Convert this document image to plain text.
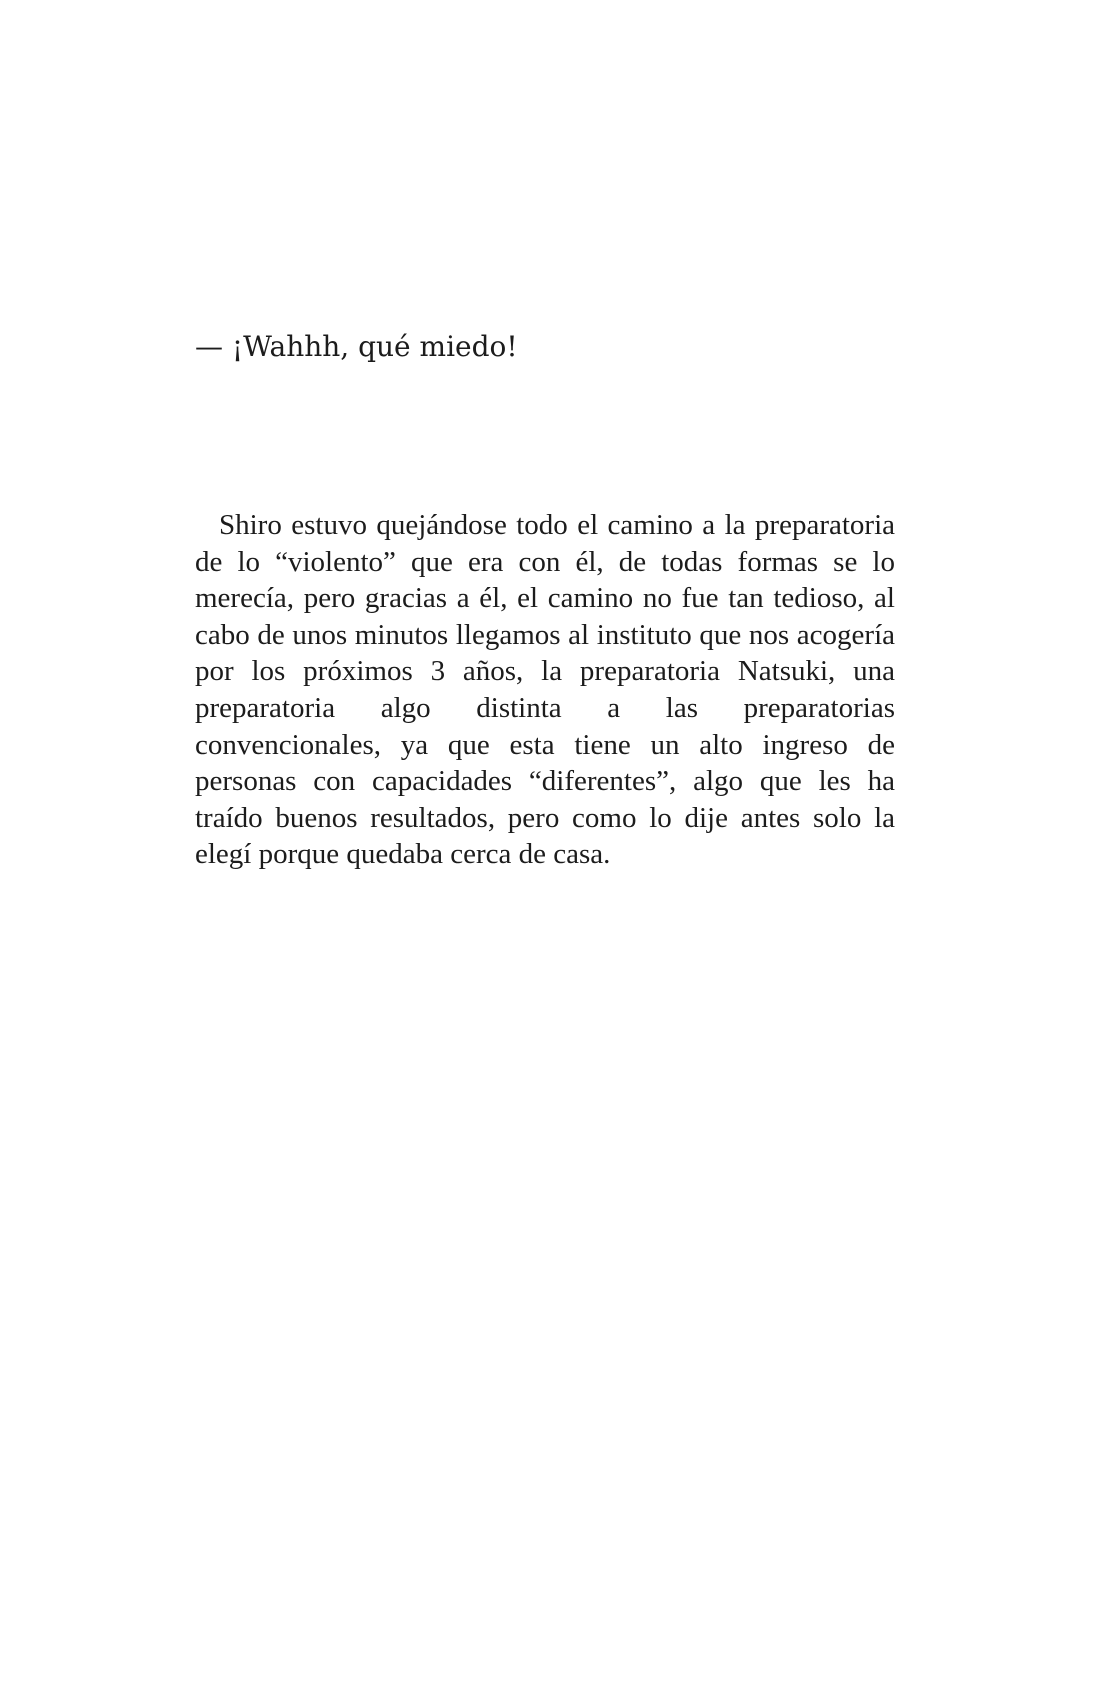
— ¡Wahhh, qué miedo!

Shiro estuvo quejándose todo el camino a la preparatoria de lo “violento” que era con él, de todas formas se lo merecía, pero gracias a él, el camino no fue tan tedioso, al cabo de unos minutos llegamos al instituto que nos acogería por los próximos 3 años, la preparatoria Natsuki, una preparatoria algo distinta a las preparatorias convencionales, ya que esta tiene un alto ingreso de personas con capacidades “diferentes”, algo que les ha traído buenos resultados, pero como lo dije antes solo la elegí porque quedaba cerca de casa.
